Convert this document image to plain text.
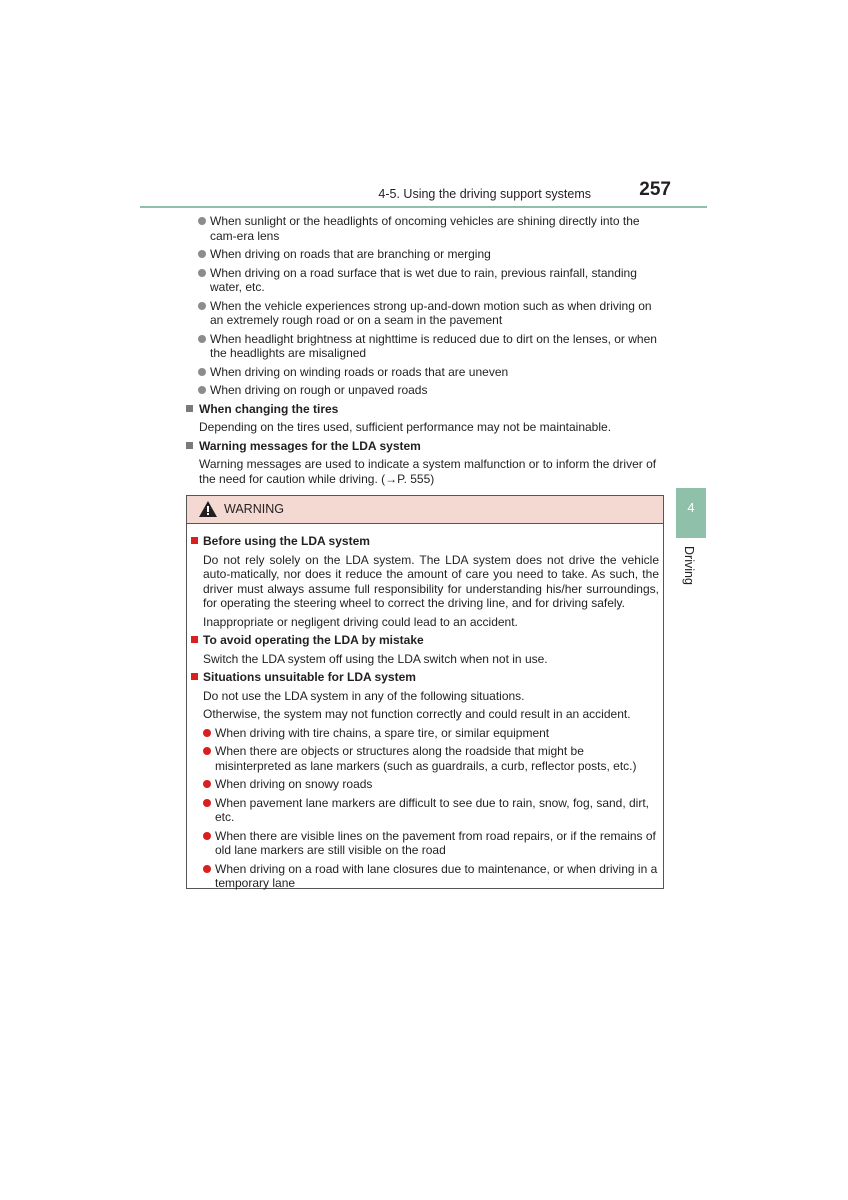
4-5. Using the driving support systems	257
4
Driving
When sunlight or the headlights of oncoming vehicles are shining directly into the cam-era lens
When driving on roads that are branching or merging
When driving on a road surface that is wet due to rain, previous rainfall, standing water, etc.
When the vehicle experiences strong up-and-down motion such as when driving on an extremely rough road or on a seam in the pavement
When headlight brightness at nighttime is reduced due to dirt on the lenses, or when the headlights are misaligned
When driving on winding roads or roads that are uneven
When driving on rough or unpaved roads
When changing the tires
Depending on the tires used, sufficient performance may not be maintainable.
Warning messages for the LDA system
Warning messages are used to indicate a system malfunction or to inform the driver of the need for caution while driving. (→P. 555)
WARNING
Before using the LDA system
Do not rely solely on the LDA system. The LDA system does not drive the vehicle auto-matically, nor does it reduce the amount of care you need to take. As such, the driver must always assume full responsibility for understanding his/her surroundings, for operating the steering wheel to correct the driving line, and for driving safely.
Inappropriate or negligent driving could lead to an accident.
To avoid operating the LDA by mistake
Switch the LDA system off using the LDA switch when not in use.
Situations unsuitable for LDA system
Do not use the LDA system in any of the following situations.
Otherwise, the system may not function correctly and could result in an accident.
When driving with tire chains, a spare tire, or similar equipment
When there are objects or structures along the roadside that might be misinterpreted as lane markers (such as guardrails, a curb, reflector posts, etc.)
When driving on snowy roads
When pavement lane markers are difficult to see due to rain, snow, fog, sand, dirt, etc.
When there are visible lines on the pavement from road repairs, or if the remains of old lane markers are still visible on the road
When driving on a road with lane closures due to maintenance, or when driving in a temporary lane
